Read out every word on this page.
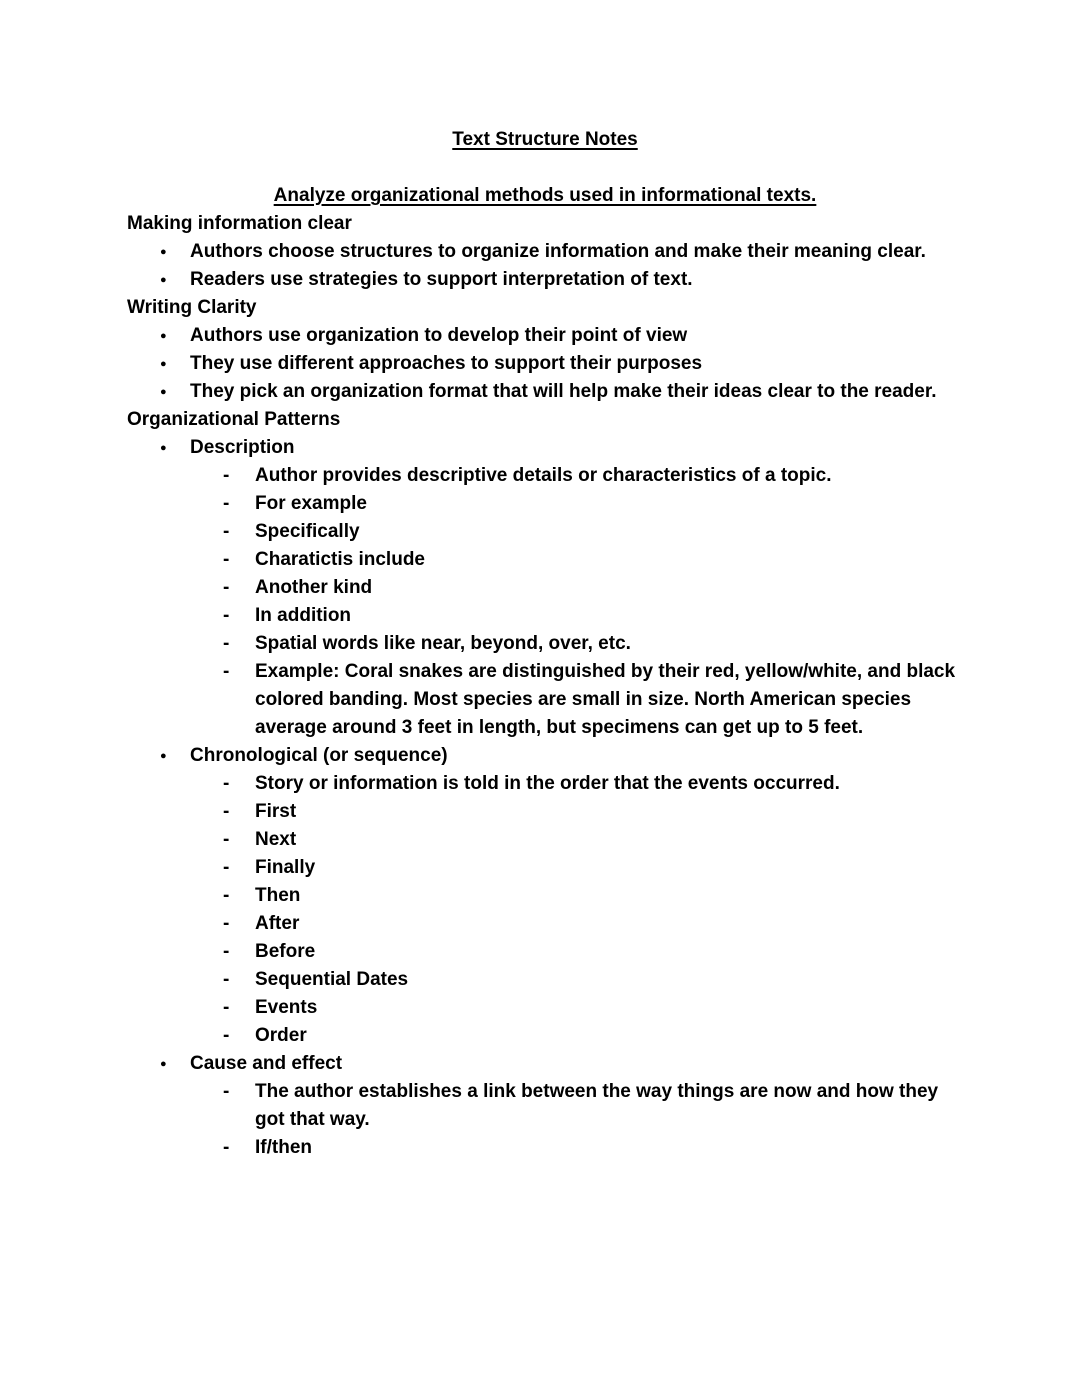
Text Structure Notes
Analyze organizational methods used in informational texts.
Making information clear
● Authors choose structures to organize information and make their meaning clear.
● Readers use strategies to support interpretation of text.
Writing Clarity
● Authors use organization to develop their point of view
● They use different approaches to support their purposes
● They pick an organization format that will help make their ideas clear to the reader.
Organizational Patterns
● Description
- Author provides descriptive details or characteristics of a topic.
- For example
- Specifically
- Charatictis include
- Another kind
- In addition
- Spatial words like near, beyond, over, etc.
- Example: Coral snakes are distinguished by their red, yellow/white, and black colored banding. Most species are small in size. North American species average around 3 feet in length, but specimens can get up to 5 feet.
● Chronological (or sequence)
- Story or information is told in the order that the events occurred.
- First
- Next
- Finally
- Then
- After
- Before
- Sequential Dates
- Events
- Order
● Cause and effect
- The author establishes a link between the way things are now and how they got that way.
- If/then
